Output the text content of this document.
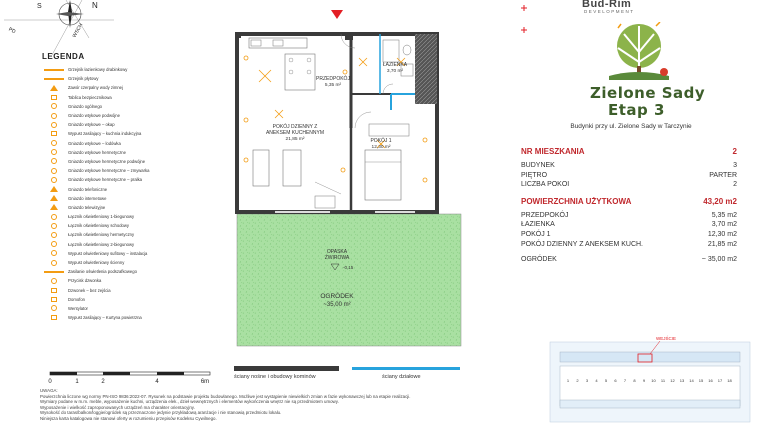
N
S
PD	WSCH
LEGENDA
Grzejnik łazienkowy drabinkowy
Grzejnik płytowy
Zawór czerpalny wody zimnej
Tablica bezpiecznikowa
Gniazdo ogólnego
Gniazdo wtykowe podwójne
Gniazdo wtykowe – okap
Wypust zasilający – kuchnia indukcyjna
Gniazdo wtykowe – lodówka
Gniazdo wtykowe hermetyczne
Gniazdo wtykowe hermetyczne podwójne
Gniazdo wtykowe hermetyczne – zmywarka
Gniazdo wtykowe hermetyczne – pralka
Gniazdo telefoniczne
Gniazdo internetowe
Gniazdo telewizyjne
Łącznik oświetleniowy 1-biegunowy
Łącznik oświetleniowy schodowy
Łącznik oświetleniowy hermetyczny
Łącznik oświetleniowy 2-biegunowy
Wypust oświetleniowy sufitowy – instalacja
Wypust oświetleniowy ścienny
Zasilanie oświetlenia podszafkowego
Przycisk dzwonka
Dzwonek – bez zejścia
Domofon
Wentylator
Wypust zasilający – Kurtyna powietrzna
PRZEDPOKÓJ
5,35 m²
ŁAZIENKA
3,70 m²
POKÓJ DZIENNY Z
ANEKSEM KUCHENNYM
21,85 m²	POKÓJ 1
12,30 m²
OPASKA
ŻWIROWA
-0,15
OGRÓDEK
~35,00 m²
Bud-Rim
DEVELOPMENT
Zielone Sady
Etap 3
Budynki przy ul. Zielone Sady w Tarczynie
NR MIESZKANIA	2
BUDYNEK	3
PIĘTRO	PARTER
LICZBA POKOI	2
POWIERZCHNIA UŻYTKOWA	43,20 m2
PRZEDPOKÓJ	5,35 m2
ŁAZIENKA	3,70 m2
POKÓJ 1	12,30 m2
POKÓJ DZIENNY Z ANEKSEM KUCH.	21,85 m2
OGRÓDEK	~ 35,00 m2
0	1	2	4	6m
ściany nośne i obudowy kominów	ściany działowe
UWAGA:
Powierzchnia liczone wg normy PN-ISO 9836:2022-07. Rysunek na podstawie projektu budowlanego. Możliwe jest wystąpienie niewielkich zmian w fazie wykonawczej lub na etapie realizacji.
Wymiary podane w m.m. meble, wyposażenie kuchni, urządzenia elek., dzieł wewnętrznych i elementów wykończenia wnętrz nie są przedmiotem umowy.
Wyposażenie i wielkość zaproponowanych urządzeń ma charakter orientacyjny.
Wysokość do taras/balkon/loggie/ogródek są przeznaczone jedynie przykładową aranżacje i nie stanowią przedmiotu lokalu.
Niniejsza karta katalogowa nie stanowi oferty w rozumieniu przepisów Kodeksu Cywilnego.
WEJŚCIE
1 2 3 4 5 6 7 8 9 10 11 12 13 14 15 16 17 18
